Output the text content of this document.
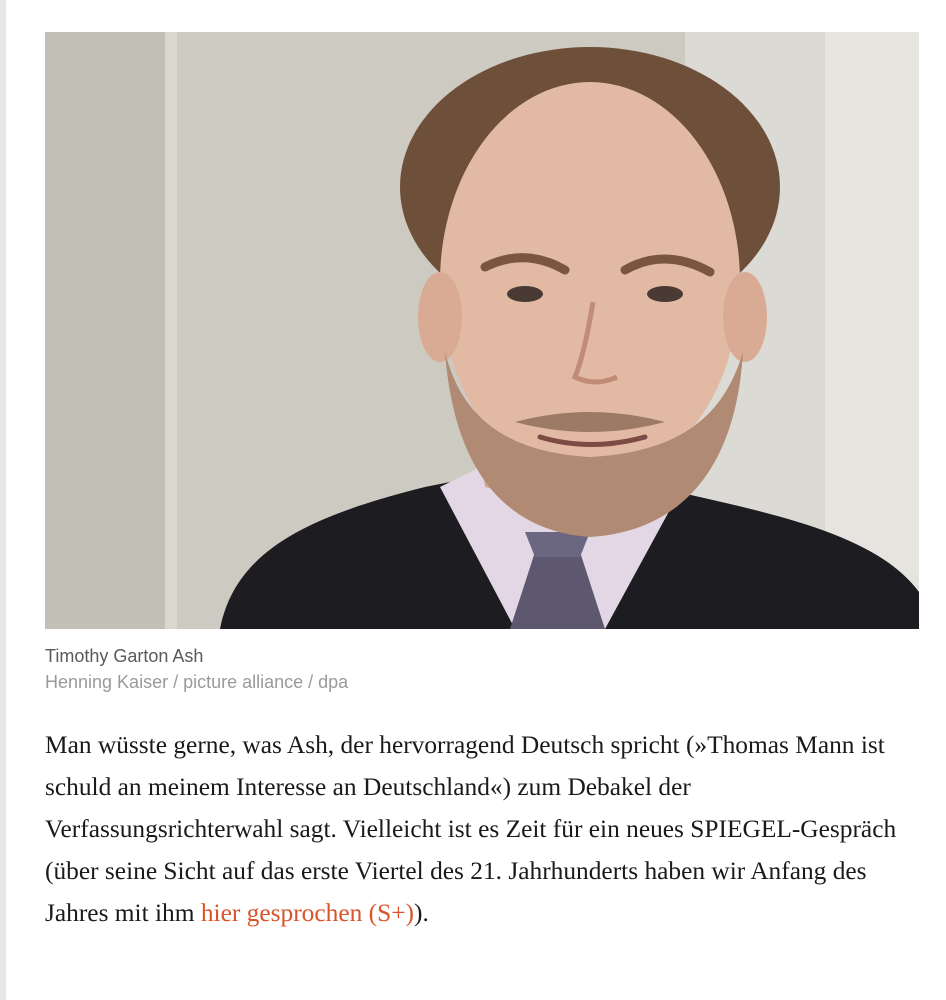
Timothy Garton Ash
Henning Kaiser / picture alliance / dpa

Man wüsste gerne, was Ash, der hervorragend Deutsch spricht (»Thomas Mann ist schuld an meinem Interesse an Deutschland«) zum Debakel der Verfassungsrichterwahl sagt. Vielleicht ist es Zeit für ein neues SPIEGEL-Gespräch (über seine Sicht auf das erste Viertel des 21. Jahrhunderts haben wir Anfang des Jahres mit ihm hier gesprochen (S+)).
